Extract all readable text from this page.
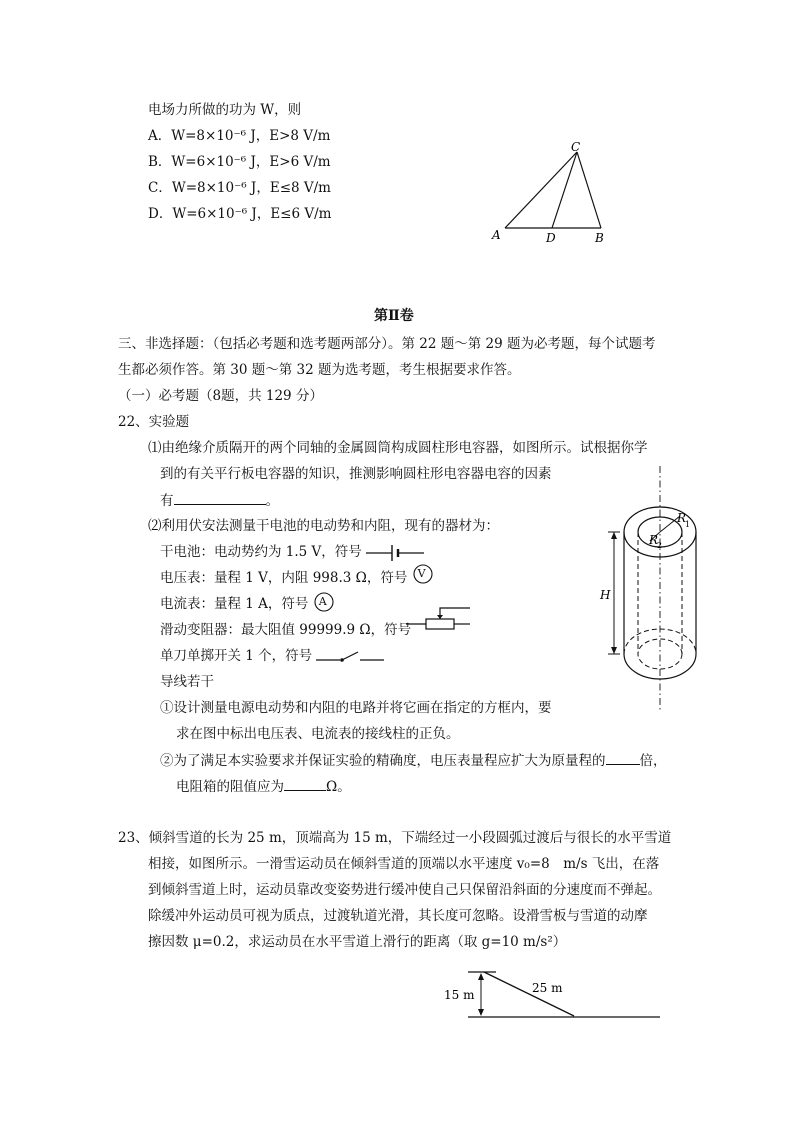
电场力所做的功为 W，则
A．W=8×10⁻⁶ J，E>8 V/m
B．W=6×10⁻⁶ J，E>6 V/m
C．W=8×10⁻⁶ J，E≤8 V/m
D．W=6×10⁻⁶ J，E≤6 V/m
C
A	D	B
第Ⅱ卷
三、非选择题：（包括必考题和选考题两部分）。第 22 题～第 29 题为必考题，每个试题考
生都必须作答。第 30 题～第 32 题为选考题，考生根据要求作答。
（一）必考题（8题，共 129 分）
22、实验题
⑴由绝缘介质隔开的两个同轴的金属圆筒构成圆柱形电容器，如图所示。试根据你学
到的有关平行板电容器的知识，推测影响圆柱形电容器电容的因素
有	。
⑵利用伏安法测量干电池的电动势和内阻，现有的器材为：
干电池：电动势约为 1.5 V，符号
电压表：量程 1 V，内阻 998.3 Ω，符号 V
电流表：量程 1 A，符号 A
滑动变阻器：最大阻值 99999.9 Ω，符号
单刀单掷开关 1 个，符号
导线若干
①设计测量电源电动势和内阻的电路并将它画在指定的方框内，要
求在图中标出电压表、电流表的接线柱的正负。
②为了满足本实验要求并保证实验的精确度，电压表量程应扩大为原量程的	倍，
电阻箱的阻值应为	Ω。
H
R
1
R
2
23、倾斜雪道的长为 25 m，顶端高为 15 m，下端经过一小段圆弧过渡后与很长的水平雪道
相接，如图所示。一滑雪运动员在倾斜雪道的顶端以水平速度 v₀=8　m/s 飞出，在落
到倾斜雪道上时，运动员靠改变姿势进行缓冲使自己只保留沿斜面的分速度而不弹起。
除缓冲外运动员可视为质点，过渡轨道光滑，其长度可忽略。设滑雪板与雪道的动摩
擦因数 μ=0.2，求运动员在水平雪道上滑行的距离（取 g=10 m/s²）
15 m	25 m
